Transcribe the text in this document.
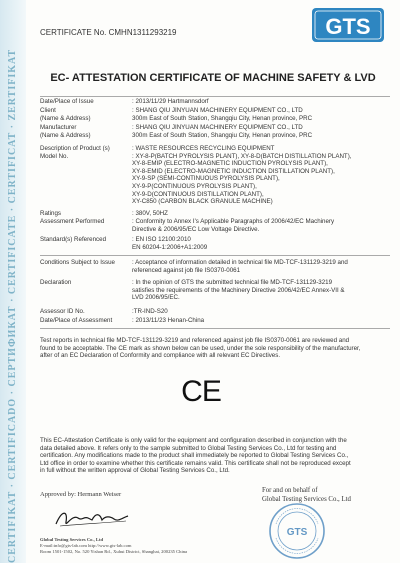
CERTIFIKAT · CERTIFICADO · CEPTИФИКАТ · CERTIFICATE · CERTIFICAT · ZERTIFIKAT
CERTIFICATE No. CMHN1311293219	GTS
EC- ATTESTATION CERTIFICATE OF MACHINE SAFETY & LVD
Date/Place of Issue	: 2013/11/29 Hartmannsdorf
Client
(Name & Address)
: SHANG QIU JINYUAN MACHINERY EQUIPMENT CO., LTD
300m East of South Station, Shangqiu City, Henan province, PRC
Manufacturer
(Name & Address)
: SHANG QIU JINYUAN MACHINERY EQUIPMENT CO., LTD
300m East of South Station, Shangqiu City, Henan province, PRC
Description of Product (s)
Model No.
: WASTE RESOURCES RECYCLING EQUIPMENT
: XY-8-P(BATCH PYROLYSIS PLANT), XY-8-D(BATCH DISTILLATION PLANT),
XY-8-EMIP (ELECTRO-MAGNETIC INDUCTION PYROLYSIS PLANT),
XY-8-EMID (ELECTRO-MAGNETIC INDUCTION DISTILLATION PLANT),
XY-9-SP (SEMI-CONTINUOUS PYROLYSIS PLANT),
XY-9-P(CONTINUOUS PYROLYSIS PLANT),
XY-9-D(CONTINUOUS DISTILLATION PLANT),
XY-C850 (CARBON BLACK GRANULE MACHINE)
Ratings	: 380V, 50HZ
Assessment Performed	: Conformity to Annex I's Applicable Paragraphs of 2006/42/EC Machinery
Directive & 2006/95/EC Low Voltage Directive.
Standard(s) Referenced	: EN ISO 12100:2010
EN 60204-1:2006+A1:2009
Conditions Subject to Issue	: Acceptance of information detailed in technical file MD-TCF-131129-3219 and
referenced against job file IS0370-0061
Declaration	: In the opinion of GTS the submitted technical file MD-TCF-131129-3219
satisfies the requirements of the Machinery Directive 2006/42/EC Annex-VII &
LVD 2006/95/EC.
Assessor ID No.	:TR-IND-S20
Date/Place of Assessment	: 2013/11/23 Henan-China
Test reports in technical file MD-TCF-131129-3219 and referenced against job file IS0370-0061 are reviewed and
found to be acceptable. The CE mark as shown below can be used, under the sole responsibility of the manufacturer,
after of an EC Declaration of Conformity and compliance with all relevant EC Directives.
CE
This EC-Attestation Certificate is only valid for the equipment and configuration described in conjunction with the
data detailed above. It refers only to the sample submitted to Global Testing Services Co., Ltd for testing and
certification. Any modifications made to the product shall immediately be reported to Global Testing Services Co.,
Ltd office in order to examine whether this certificate remains valid. This certificate shall not be reproduced except
in full without the written approval of Global Testing Services Co., Ltd.
Approved by: Hermann Weiser
For and on behalf of
Global Testing Services Co., Ltd
GTS
Global Testing Services Co., Ltd
E-mail:info@gts-lab.com http://www.gts-lab.com
Room 1501-1502, No. 520 Yishan Rd., Xuhui District, Shanghai, 200235 China
